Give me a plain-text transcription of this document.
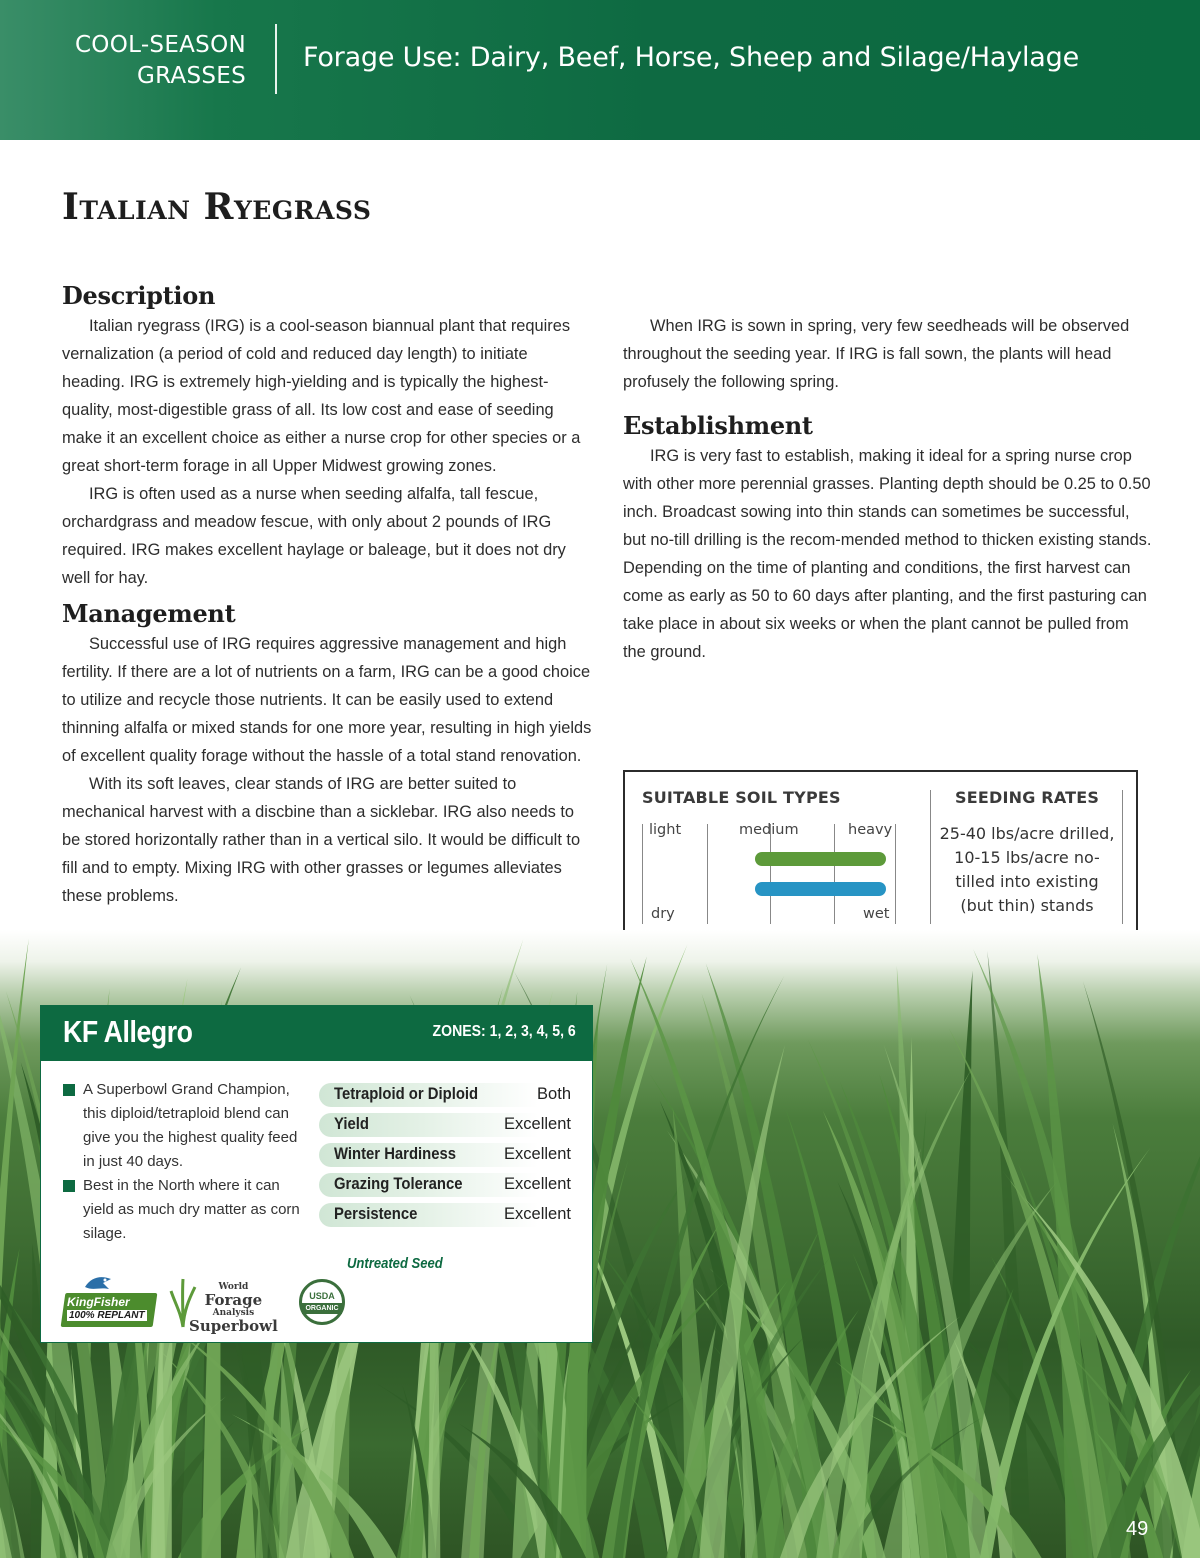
COOL-SEASON
GRASSES
Forage Use: Dairy, Beef, Horse, Sheep and Silage/Haylage
Italian Ryegrass
Description

Italian ryegrass (IRG) is a cool-season biannual plant that requires vernalization (a period of cold and reduced day length) to initiate heading. IRG is extremely high-yielding and is typically the highest-quality, most-digestible grass of all. Its low cost and ease of seeding make it an excellent choice as either a nurse crop for other species or a great short-term forage in all Upper Midwest growing zones.

IRG is often used as a nurse when seeding alfalfa, tall fescue, orchardgrass and meadow fescue, with only about 2 pounds of IRG required. IRG makes excellent haylage or baleage, but it does not dry well for hay.

Management

Successful use of IRG requires aggressive management and high fertility. If there are a lot of nutrients on a farm, IRG can be a good choice to utilize and recycle those nutrients. It can be easily used to extend thinning alfalfa or mixed stands for one more year, resulting in high yields of excellent quality forage without the hassle of a total stand renovation.

With its soft leaves, clear stands of IRG are better suited to mechanical harvest with a discbine than a sicklebar. IRG also needs to be stored horizontally rather than in a vertical silo. It would be difficult to fill and to empty. Mixing IRG with other grasses or legumes alleviates these problems.

When IRG is sown in spring, very few seedheads will be observed throughout the seeding year. If IRG is fall sown, the plants will head profusely the following spring.

Establishment

IRG is very fast to establish, making it ideal for a spring nurse crop with other more perennial grasses. Planting depth should be 0.25 to 0.50 inch. Broadcast sowing into thin stands can sometimes be successful, but no-till drilling is the recom-mended method to thicken existing stands. Depending on the time of planting and conditions, the first harvest can come as early as 50 to 60 days after planting, and the first pasturing can take place in about six weeks or when the plant cannot be pulled from the ground.

SUITABLE SOIL TYPES	SEEDING RATES
light	medium	heavy
dry	wet
25-40 lbs/acre drilled,
10-15 lbs/acre no-
tilled into existing
(but thin) stands
KF Allegro	ZONES: 1, 2, 3, 4, 5, 6
A Superbowl Grand Champion, this diploid/tetraploid blend can give you the highest quality feed in just 40 days.
Best in the North where it can yield as much dry matter as corn silage.
Tetraploid or Diploid	Both
Yield	Excellent
Winter Hardiness	Excellent
Grazing Tolerance	Excellent
Persistence	Excellent
Untreated Seed
KingFisher
100% REPLANT
World
Forage
Analysis
Superbowl
USDA
ORGANIC
49
